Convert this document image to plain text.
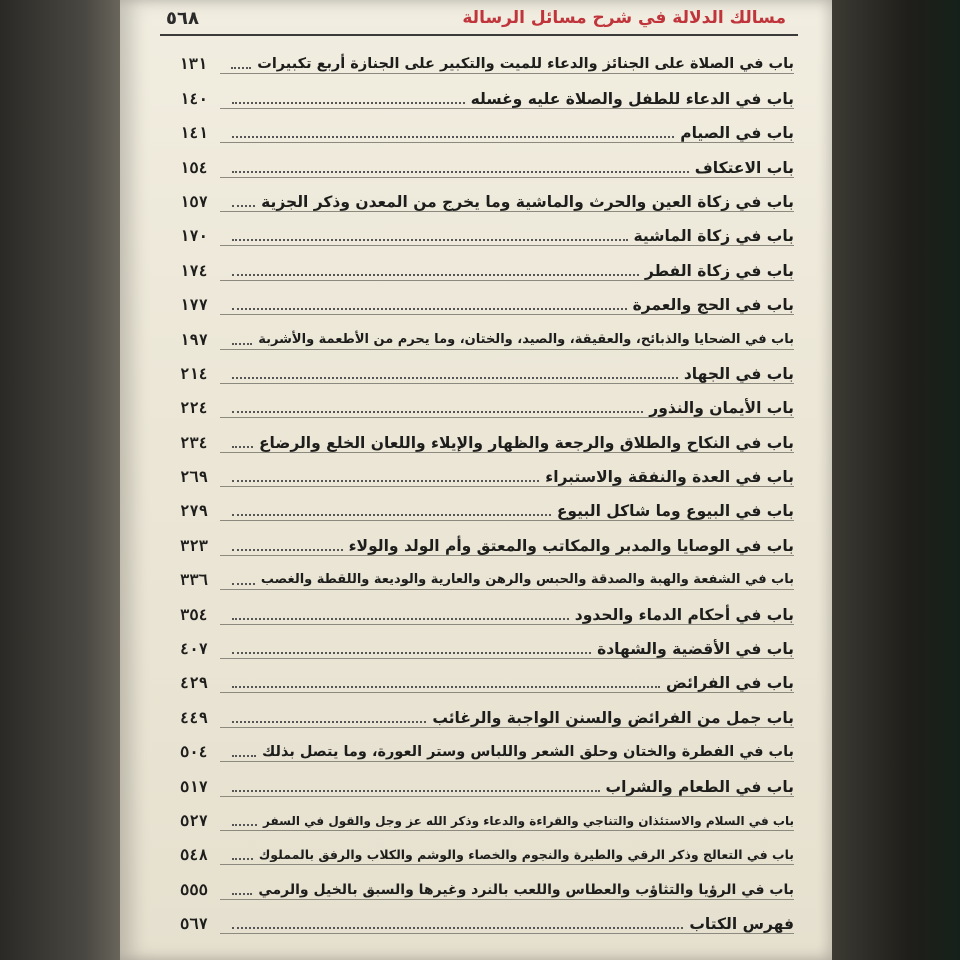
مسالك الدلالة في شرح مسائل الرسالة
٥٦٨
باب في الصلاة على الجنائز والدعاء للميت والتكبير على الجنازة أربع تكبيرات
١٣١
باب في الدعاء للطفل والصلاة عليه وغسله
١٤٠
باب في الصيام
١٤١
باب الاعتكاف
١٥٤
باب في زكاة العين والحرث والماشية وما يخرج من المعدن وذكر الجزية
١٥٧
باب في زكاة الماشية
١٧٠
باب في زكاة الفطر
١٧٤
باب في الحج والعمرة
١٧٧
باب في الضحايا والذبائح، والعقيقة، والصيد، والختان، وما يحرم من الأطعمة والأشربة
١٩٧
باب في الجهاد
٢١٤
باب الأيمان والنذور
٢٢٤
باب في النكاح والطلاق والرجعة والظهار والإيلاء واللعان الخلع والرضاع
٢٣٤
باب في العدة والنفقة والاستبراء
٢٦٩
باب في البيوع وما شاكل البيوع
٢٧٩
باب في الوصايا والمدبر والمكاتب والمعتق وأم الولد والولاء
٣٢٣
باب في الشفعة والهبة والصدقة والحبس والرهن والعارية والوديعة واللقطة والغصب
٣٣٦
باب في أحكام الدماء والحدود
٣٥٤
باب في الأقضية والشهادة
٤٠٧
باب في الفرائض
٤٢٩
باب جمل من الفرائض والسنن الواجبة والرغائب
٤٤٩
باب في الفطرة والختان وحلق الشعر واللباس وستر العورة، وما يتصل بذلك
٥٠٤
باب في الطعام والشراب
٥١٧
باب في السلام والاستئذان والتناجي والقراءة والدعاء وذكر الله عز وجل والقول في السفر
٥٢٧
باب في التعالج وذكر الرقي والطيرة والنجوم والخصاء والوشم والكلاب والرفق بالمملوك
٥٤٨
باب في الرؤيا والتثاؤب والعطاس واللعب بالنرد وغيرها والسبق بالخيل والرمي
٥٥٥
فهرس الكتاب
٥٦٧
